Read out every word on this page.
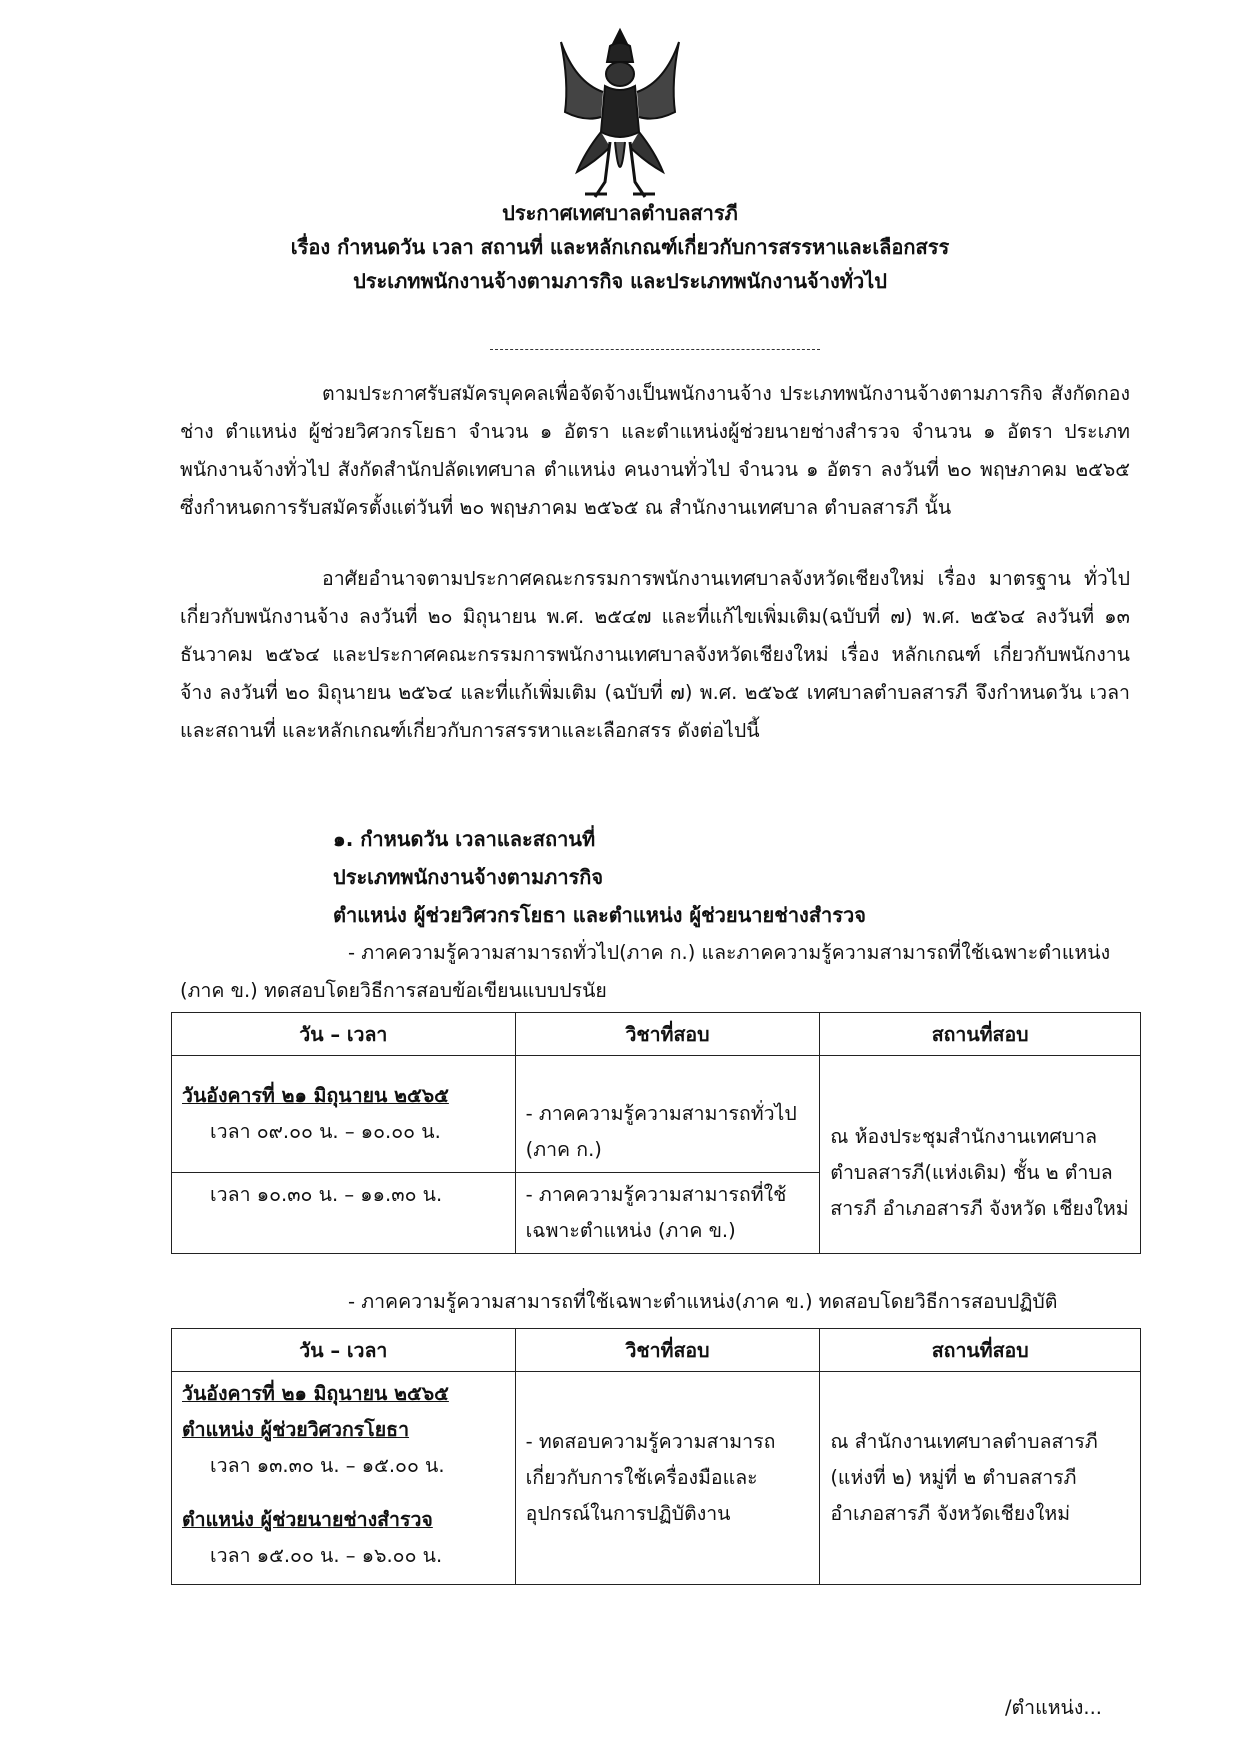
ประกาศเทศบาลตำบลสารภี
เรื่อง กำหนดวัน เวลา สถานที่ และหลักเกณฑ์เกี่ยวกับการสรรหาและเลือกสรร
ประเภทพนักงานจ้างตามภารกิจ และประเภทพนักงานจ้างทั่วไป
ตามประกาศรับสมัครบุคคลเพื่อจัดจ้างเป็นพนักงานจ้าง ประเภทพนักงานจ้างตามภารกิจ สังกัดกองช่าง ตำแหน่ง ผู้ช่วยวิศวกรโยธา จำนวน ๑ อัตรา และตำแหน่งผู้ช่วยนายช่างสำรวจ จำนวน ๑ อัตรา ประเภทพนักงานจ้างทั่วไป สังกัดสำนักปลัดเทศบาล ตำแหน่ง คนงานทั่วไป จำนวน ๑ อัตรา ลงวันที่ ๒๐ พฤษภาคม ๒๕๖๕ ซึ่งกำหนดการรับสมัครตั้งแต่วันที่ ๒๐ พฤษภาคม ๒๕๖๕ ณ สำนักงานเทศบาล ตำบลสารภี นั้น
อาศัยอำนาจตามประกาศคณะกรรมการพนักงานเทศบาลจังหวัดเชียงใหม่ เรื่อง มาตรฐาน ทั่วไปเกี่ยวกับพนักงานจ้าง ลงวันที่ ๒๐ มิถุนายน พ.ศ. ๒๕๔๗ และที่แก้ไขเพิ่มเติม(ฉบับที่ ๗) พ.ศ. ๒๕๖๔ ลงวันที่ ๑๓ ธันวาคม ๒๕๖๔ และประกาศคณะกรรมการพนักงานเทศบาลจังหวัดเชียงใหม่ เรื่อง หลักเกณฑ์ เกี่ยวกับพนักงานจ้าง ลงวันที่ ๒๐ มิถุนายน ๒๕๖๔ และที่แก้เพิ่มเติม (ฉบับที่ ๗) พ.ศ. ๒๕๖๕ เทศบาลตำบลสารภี จึงกำหนดวัน เวลา และสถานที่ และหลักเกณฑ์เกี่ยวกับการสรรหาและเลือกสรร ดังต่อไปนี้
๑. กำหนดวัน เวลาและสถานที่
ประเภทพนักงานจ้างตามภารกิจ
ตำแหน่ง ผู้ช่วยวิศวกรโยธา และตำแหน่ง ผู้ช่วยนายช่างสำรวจ
- ภาคความรู้ความสามารถทั่วไป(ภาค ก.) และภาคความรู้ความสามารถที่ใช้เฉพาะตำแหน่ง
(ภาค ข.) ทดสอบโดยวิธีการสอบข้อเขียนแบบปรนัย
วัน – เวลา	วิชาที่สอบ	สถานที่สอบ

วันอังคารที่ ๒๑ มิถุนายน ๒๕๖๕
เวลา ๐๙.๐๐ น. – ๑๐.๐๐ น.	- ภาคความรู้ความสามารถทั่วไป (ภาค ก.)	ณ ห้องประชุมสำนักงานเทศบาล ตำบลสารภี(แห่งเดิม) ชั้น ๒ ตำบลสารภี อำเภอสารภี จังหวัด เชียงใหม่

เวลา ๑๐.๓๐ น. – ๑๑.๓๐ น.	- ภาคความรู้ความสามารถที่ใช้ เฉพาะตำแหน่ง (ภาค ข.)	
- ภาคความรู้ความสามารถที่ใช้เฉพาะตำแหน่ง(ภาค ข.) ทดสอบโดยวิธีการสอบปฏิบัติ
วัน – เวลา	วิชาที่สอบ	สถานที่สอบ

วันอังคารที่ ๒๑ มิถุนายน ๒๕๖๕
ตำแหน่ง ผู้ช่วยวิศวกรโยธา
เวลา ๑๓.๓๐ น. – ๑๕.๐๐ น.
ตำแหน่ง ผู้ช่วยนายช่างสำรวจ
เวลา ๑๕.๐๐ น. – ๑๖.๐๐ น.	- ทดสอบความรู้ความสามารถ เกี่ยวกับการใช้เครื่องมือและ อุปกรณ์ในการปฏิบัติงาน	ณ สำนักงานเทศบาลตำบลสารภี (แห่งที่ ๒) หมู่ที่ ๒ ตำบลสารภี อำเภอสารภี จังหวัดเชียงใหม่
/ตำแหน่ง...
